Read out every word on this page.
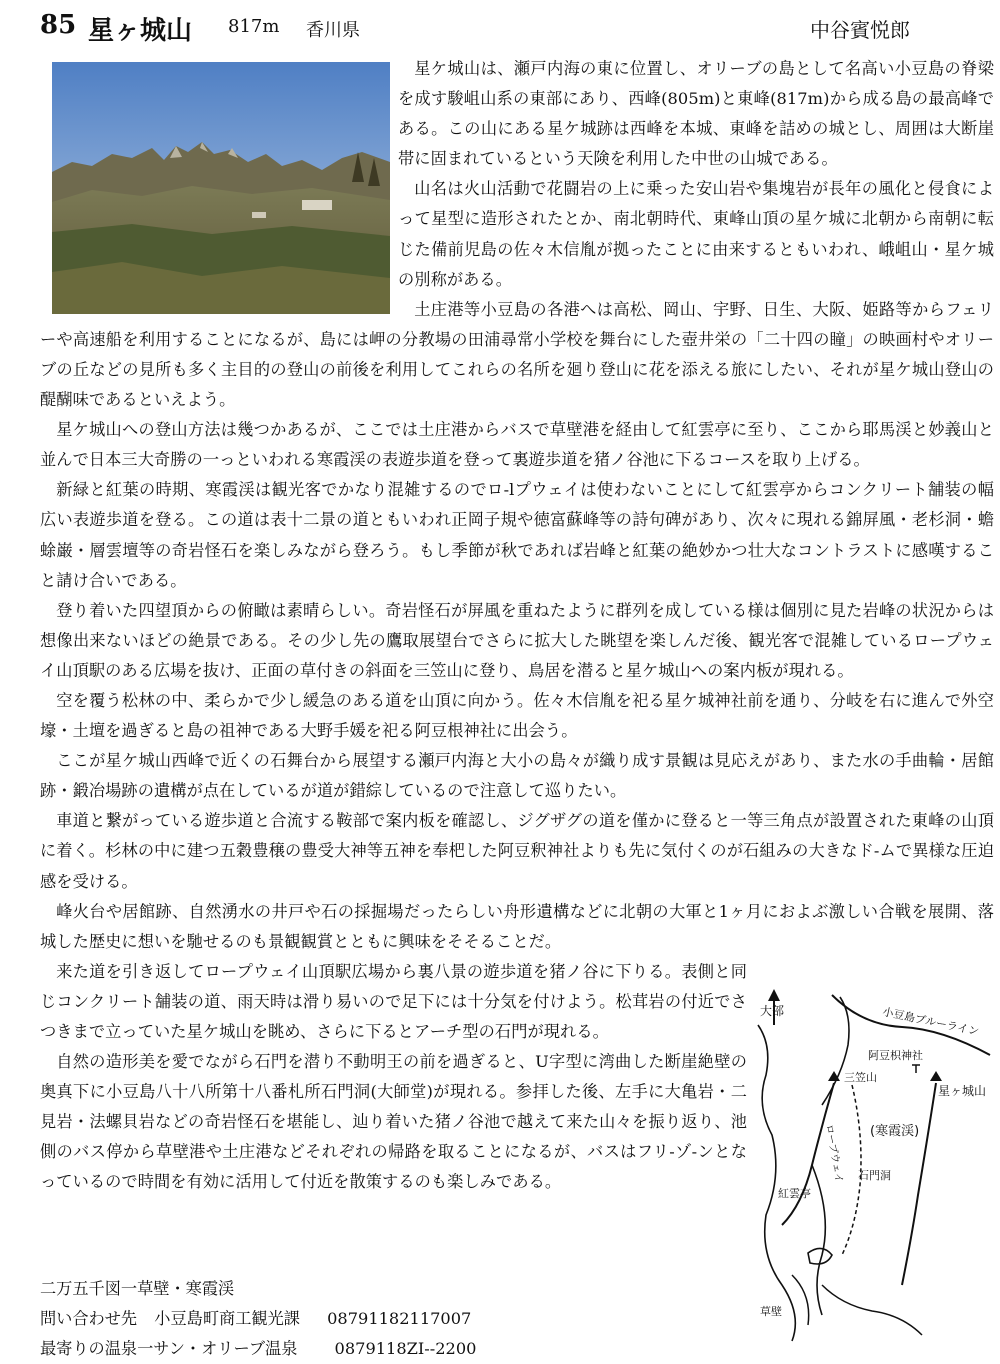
85 星ヶ城山 817m 香川県	中谷賓悦郎

星ケ城山は、瀬戸内海の東に位置し、オリーブの島として名高い小豆島の脊梁を成す駿岨山系の東部にあり、西峰(805m)と東峰(817m)から成る島の最高峰である。この山にある星ケ城跡は西峰を本城、東峰を詰めの城とし、周囲は大断崖帯に固まれているという天険を利用した中世の山城である。

山名は火山活動で花闘岩の上に乗った安山岩や集塊岩が長年の風化と侵食によって星型に造形されたとか、南北朝時代、東峰山頂の星ケ城に北朝から南朝に転じた備前児島の佐々木信胤が拠ったことに由来するともいわれ、峨岨山・星ケ城の別称がある。

土庄港等小豆島の各港へは高松、岡山、宇野、日生、大阪、姫路等からフェリーや高速船を利用することになるが、島には岬の分教場の田浦尋常小学校を舞台にした壺井栄の「二十四の瞳」の映画村やオリーブの丘などの見所も多く主目的の登山の前後を利用してこれらの名所を廻り登山に花を添える旅にしたい、それが星ケ城山登山の醍醐味であるといえよう。

星ケ城山への登山方法は幾つかあるが、ここでは土庄港からバスで草壁港を経由して紅雲亭に至り、ここから耶馬渓と妙義山と並んで日本三大奇勝の一っといわれる寒霞渓の表遊歩道を登って裏遊歩道を猪ノ谷池に下るコースを取り上げる。

新緑と紅葉の時期、寒霞渓は観光客でかなり混雑するのでロ-lプウェイは使わないことにして紅雲亭からコンクリート舗装の幅広い表遊歩道を登る。この道は表十二景の道ともいわれ正岡子規や徳富蘇峰等の詩句碑があり、次々に現れる錦屏風・老杉洞・蟾蜍巌・層雲壇等の奇岩怪石を楽しみながら登ろう。もし季節が秋であれば岩峰と紅葉の絶妙かつ壮大なコントラストに感嘆すること請け合いである。

登り着いた四望頂からの俯瞰は素晴らしい。奇岩怪石が屏風を重ねたように群列を成している様は個別に見た岩峰の状況からは想像出来ないほどの絶景である。その少し先の鷹取展望台でさらに拡大した眺望を楽しんだ後、観光客で混雑しているロープウェイ山頂駅のある広場を抜け、正面の草付きの斜面を三笠山に登り、鳥居を潜ると星ケ城山への案内板が現れる。

空を覆う松林の中、柔らかで少し緩急のある道を山頂に向かう。佐々木信胤を祀る星ケ城神社前を通り、分岐を右に進んで外空壕・土壇を過ぎると島の祖神である大野手媛を祀る阿豆根神社に出会う。

ここが星ケ城山西峰で近くの石舞台から展望する瀬戸内海と大小の島々が織り成す景観は見応えがあり、また水の手曲輪・居館跡・鍛冶場跡の遺構が点在しているが道が錯綜しているので注意して巡りたい。

車道と繋がっている遊歩道と合流する鞍部で案内板を確認し、ジグザグの道を僅かに登ると一等三角点が設置された東峰の山頂に着く。杉林の中に建つ五穀豊穣の豊受大神等五神を奉杷した阿豆釈神社よりも先に気付くのが石組みの大きなド-ムで異様な圧迫感を受ける。

峰火台や居館跡、自然湧水の井戸や石の採掘場だったらしい舟形遺構などに北朝の大軍と1ヶ月におよぶ激しい合戦を展開、落城した歴史に想いを馳せるのも景観観賞とともに興味をそそることだ。

来た道を引き返してロープウェイ山頂駅広場から裏八景の遊歩道を猪ノ谷に下りる。表側と同じコンクリート舗装の道、雨天時は滑り易いので足下には十分気を付けよう。松茸岩の付近でさつきまで立っていた星ケ城山を眺め、さらに下るとアーチ型の石門が現れる。

自然の造形美を愛でながら石門を潜り不動明王の前を過ぎると、U字型に湾曲した断崖絶壁の奥真下に小豆島八十八所第十八番札所石門洞(大師堂)が現れる。参拝した後、左手に大亀岩・二見岩・法螺貝岩などの奇岩怪石を堪能し、辿り着いた猪ノ谷池で越えて来た山々を振り返り、池側のバス停から草壁港や土庄港などそれぞれの帰路を取ることになるが、バスはフリ-ゾ-ンとなっているので時間を有効に活用して付近を散策するのも楽しみである。

二万五千図一草壁・寒霞渓
問い合わせ先 小豆島町商工観光課 08791182117007
最寄りの温泉一サン・オリーブ温泉 0879118ZI--2200
大部	小豆島ブルーライン
阿豆枳神社
三笠山
星ヶ城山
ロープウェイ (寒霞渓)
石門洞
紅雲亭
草壁
